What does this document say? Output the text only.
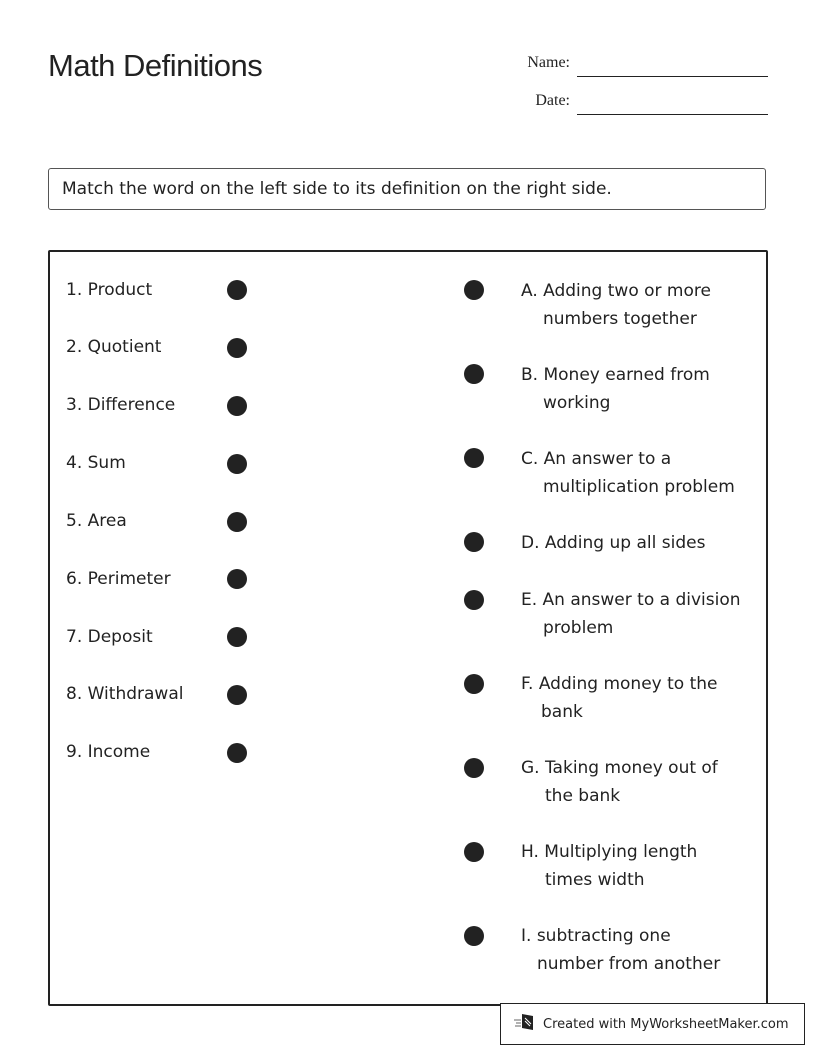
Math Definitions	Name:
Date:
Match the word on the left side to its definition on the right side.
1. Product
2. Quotient
3. Difference
4. Sum
5. Area
6. Perimeter
7. Deposit
8. Withdrawal
9. Income
A. Adding two or more
numbers together
B. Money earned from
working
C. An answer to a
multiplication problem
D. Adding up all sides
E. An answer to a division
problem
F. Adding money to the
bank
G. Taking money out of
the bank
H. Multiplying length
times width
I. subtracting one
number from another
Created with MyWorksheetMaker.com
